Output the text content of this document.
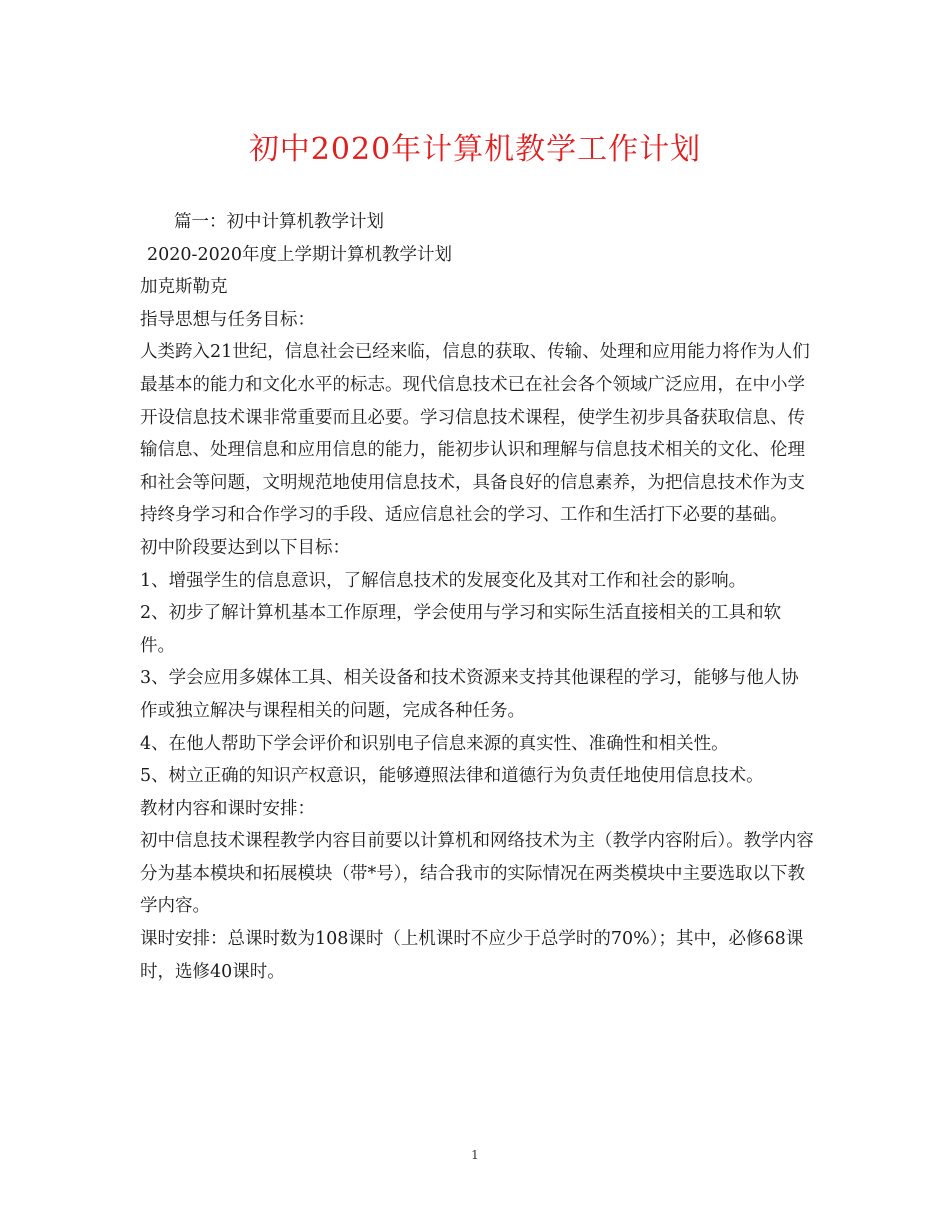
初中2020年计算机教学工作计划

篇一：初中计算机教学计划

2020-2020年度上学期计算机教学计划

加克斯勒克

指导思想与任务目标：

人类跨入21世纪，信息社会已经来临，信息的获取、传输、处理和应用能力将作为人们最基本的能力和文化水平的标志。现代信息技术已在社会各个领域广泛应用，在中小学开设信息技术课非常重要而且必要。学习信息技术课程，使学生初步具备获取信息、传输信息、处理信息和应用信息的能力，能初步认识和理解与信息技术相关的文化、伦理和社会等问题，文明规范地使用信息技术，具备良好的信息素养，为把信息技术作为支持终身学习和合作学习的手段、适应信息社会的学习、工作和生活打下必要的基础。

初中阶段要达到以下目标：

1、增强学生的信息意识，了解信息技术的发展变化及其对工作和社会的影响。

2、初步了解计算机基本工作原理，学会使用与学习和实际生活直接相关的工具和软件。

3、学会应用多媒体工具、相关设备和技术资源来支持其他课程的学习，能够与他人协作或独立解决与课程相关的问题，完成各种任务。

4、在他人帮助下学会评价和识别电子信息来源的真实性、准确性和相关性。

5、树立正确的知识产权意识，能够遵照法律和道德行为负责任地使用信息技术。

教材内容和课时安排：

初中信息技术课程教学内容目前要以计算机和网络技术为主（教学内容附后）。教学内容分为基本模块和拓展模块（带*号），结合我市的实际情况在两类模块中主要选取以下教学内容。

课时安排：总课时数为108课时（上机课时不应少于总学时的70%）；其中，必修68课时，选修40课时。

1
